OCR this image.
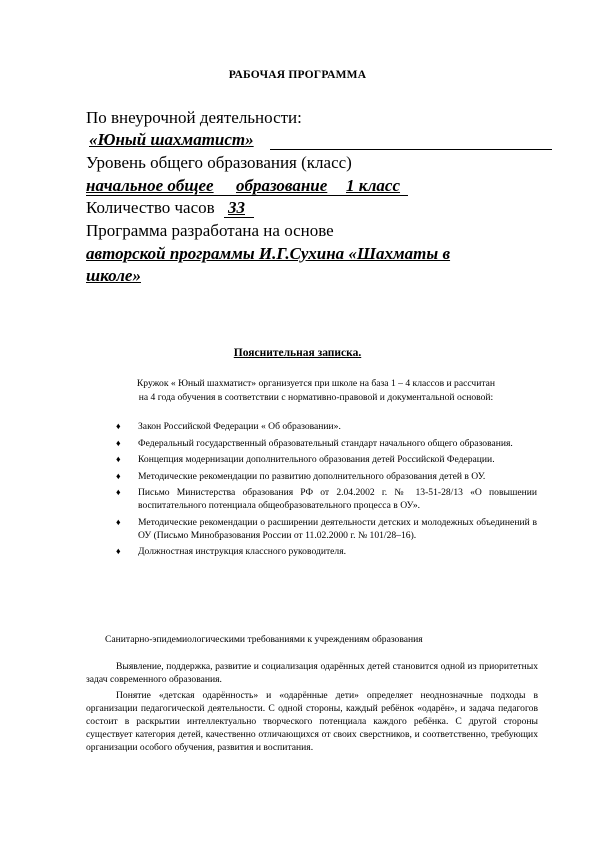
РАБОЧАЯ ПРОГРАММА
По внеурочной деятельности:
«Юный шахматист»
Уровень общего образования (класс)
начальное общее образование 1 класс
Количество часов 33
Программа разработана на основе
авторской программы И.Г.Сухина «Шахматы в
школе»
Пояснительная записка.
Кружок « Юный шахматист» организуется при школе на база 1 – 4 классов и рассчитан
на 4 года обучения в соответствии с нормативно-правовой и документальной основой:
♦ Закон Российской Федерации « Об образовании».
♦ Федеральный государственный образовательный стандарт начального общего образования.
♦ Концепция модернизации дополнительного образования детей Российской Федерации.
♦ Методические рекомендации по развитию дополнительного образования детей в ОУ.
♦ Письмо Министерства образования РФ от 2.04.2002 г. № 13-51-28/13 «О повышении воспитательного потенциала общеобразовательного процесса в ОУ».
♦ Методические рекомендации о расширении деятельности детских и молодежных объединений в ОУ (Письмо Минобразования России от 11.02.2000 г. № 101/28–16).
♦ Должностная инструкция классного руководителя.
Санитарно-эпидемиологическими требованиями к учреждениям образования
Выявление, поддержка, развитие и социализация одарённых детей становится одной из приоритетных задач современного образования.
Понятие «детская одарённость» и «одарённые дети» определяет неоднозначные подходы в организации педагогической деятельности. С одной стороны, каждый ребёнок «одарён», и задача педагогов состоит в раскрытии интеллектуально творческого потенциала каждого ребёнка. С другой стороны существует категория детей, качественно отличающихся от своих сверстников, и соответственно, требующих организации особого обучения, развития и воспитания.
